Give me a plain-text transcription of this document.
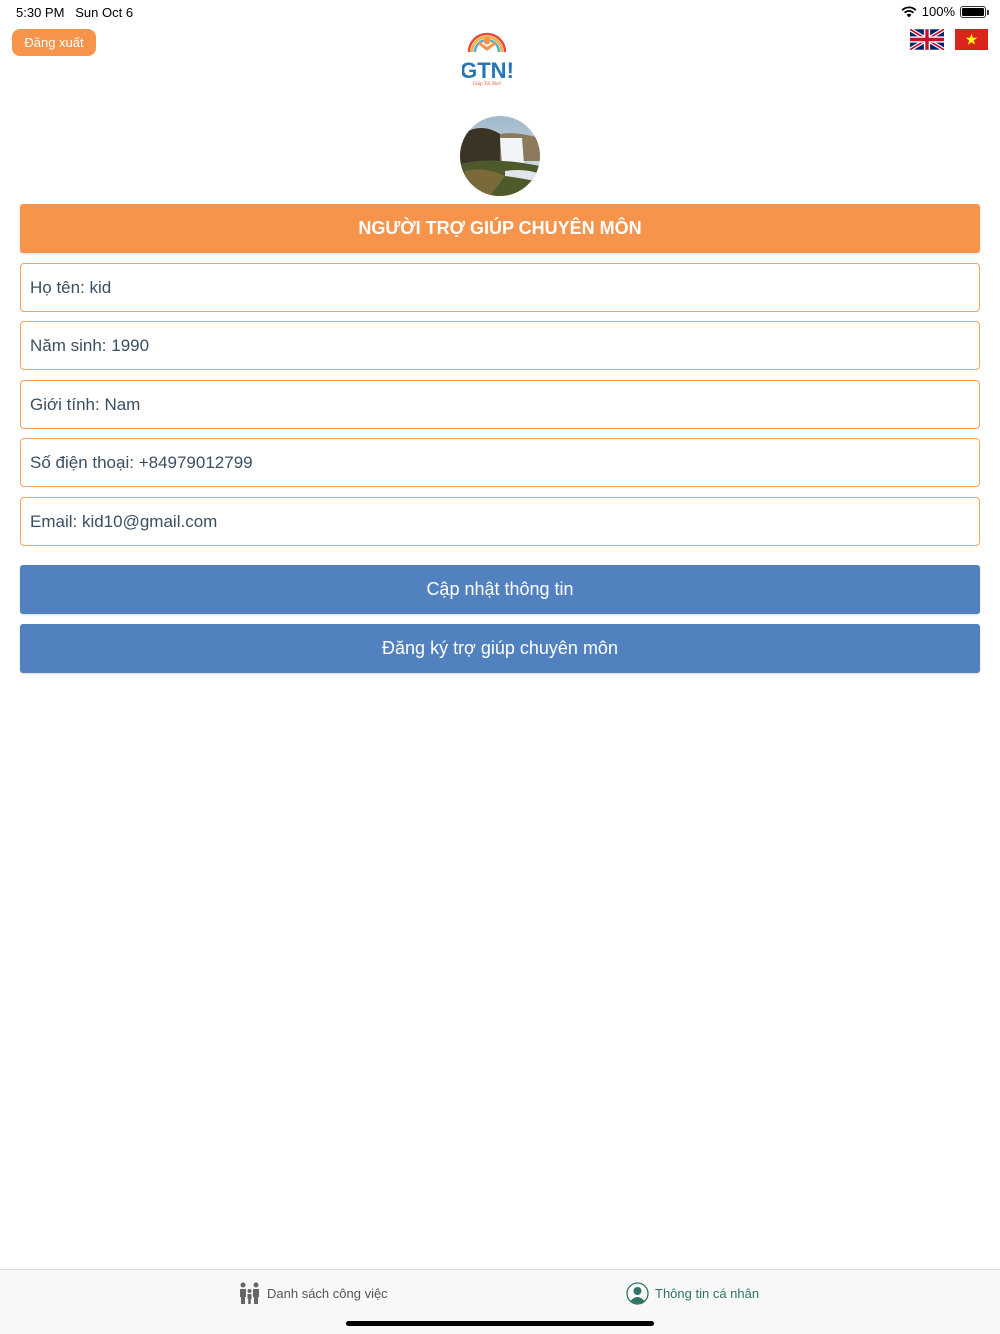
5:30 PM Sun Oct 6	100%
Đăng xuất
GTN!
Giúp Tôi Nhé!
NGƯỜI TRỢ GIÚP CHUYÊN MÔN
Họ tên: kid
Năm sinh: 1990
Giới tính: Nam
Số điện thoại: +84979012799
Email: kid10@gmail.com
Cập nhật thông tin
Đăng ký trợ giúp chuyên môn
Danh sách công việc	Thông tin cá nhân
